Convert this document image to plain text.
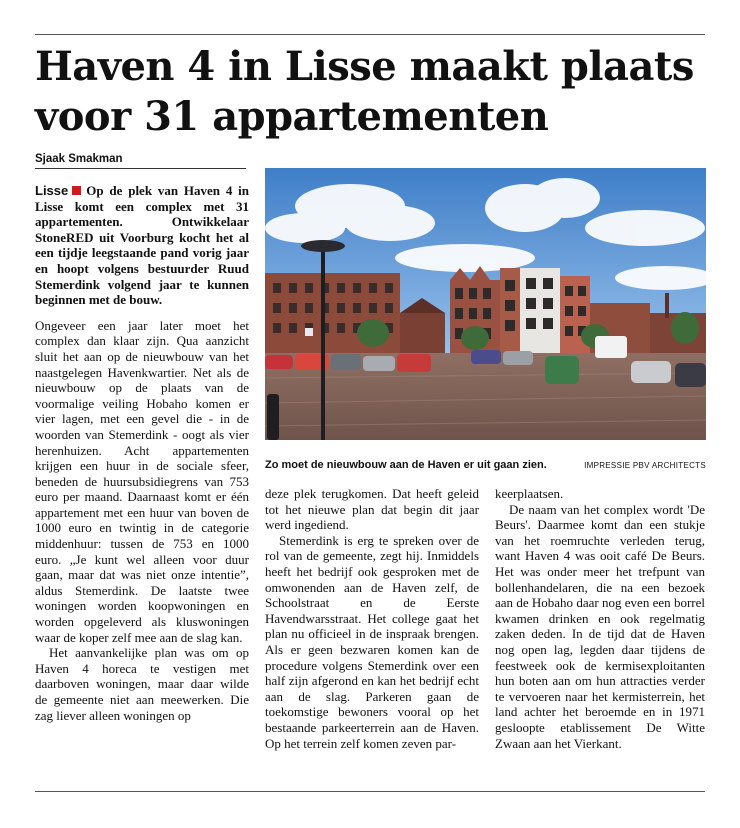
Haven 4 in Lisse maakt plaats
voor 31 appartementen
Sjaak Smakman

Lisse Op de plek van Haven 4 in Lisse komt een complex met 31 appartementen. Ontwikkelaar StoneRED uit Voorburg kocht het al een tijdje leegstaande pand vorig jaar en hoopt volgens bestuurder Ruud Stemerdink volgend jaar te kunnen beginnen met de bouw.

Ongeveer een jaar later moet het complex dan klaar zijn. Qua aanzicht sluit het aan op de nieuwbouw van het naastgelegen Havenkwartier. Net als de nieuwbouw op de plaats van de voormalige veiling Hobaho komen er vier lagen, met een gevel die - in de woorden van Stemerdink - oogt als vier herenhuizen. Acht appartementen krijgen een huur in de sociale sfeer, beneden de huursubsidiegrens van 753 euro per maand. Daarnaast komt er één appartement met een huur van boven de 1000 euro en twintig in de categorie middenhuur: tussen de 753 en 1000 euro. „Je kunt wel alleen voor duur gaan, maar dat was niet onze intentie”, aldus Stemerdink. De laatste twee woningen worden koopwoningen en worden opgeleverd als kluswoningen waar de koper zelf mee aan de slag kan.

Het aanvankelijke plan was om op Haven 4 horeca te vestigen met daarboven woningen, maar daar wilde de gemeente niet aan meewerken. Die zag liever alleen woningen op

Zo moet de nieuwbouw aan de Haven er uit gaan zien.	IMPRESSIE PBV ARCHITECTS

deze plek terugkomen. Dat heeft geleid tot het nieuwe plan dat begin dit jaar werd ingediend.

Stemerdink is erg te spreken over de rol van de gemeente, zegt hij. Inmiddels heeft het bedrijf ook gesproken met de omwonenden aan de Haven zelf, de Schoolstraat en de Eerste Havendwarsstraat. Het college gaat het plan nu officieel in de inspraak brengen. Als er geen bezwaren komen kan de procedure volgens Stemerdink over een half zijn afgerond en kan het bedrijf echt aan de slag. Parkeren gaan de toekomstige bewoners vooral op het bestaande parkeerterrein aan de Haven. Op het terrein zelf komen zeven par-

keerplaatsen.

De naam van het complex wordt 'De Beurs'. Daarmee komt dan een stukje van het roemruchte verleden terug, want Haven 4 was ooit café De Beurs. Het was onder meer het trefpunt van bollenhandelaren, die na een bezoek aan de Hobaho daar nog even een borrel kwamen drinken en ook regelmatig zaken deden. In de tijd dat de Haven nog open lag, legden daar tijdens de feestweek ook de kermisexploitanten hun boten aan om hun attracties verder te vervoeren naar het kermisterrein, het land achter het beroemde en in 1971 gesloopte etablissement De Witte Zwaan aan het Vierkant.
